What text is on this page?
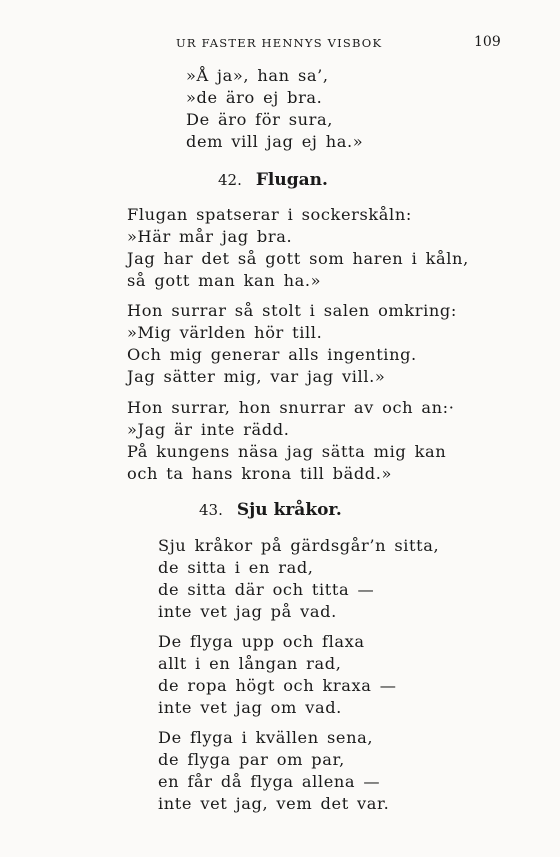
UR FASTER HENNYS VISBOK	109
»Å ja», han sa’,
»de äro ej bra.
De äro för sura,
dem vill jag ej ha.»
42. Flugan.
Flugan spatserar i sockerskåln:
»Här mår jag bra.
Jag har det så gott som haren i kåln,
så gott man kan ha.»
Hon surrar så stolt i salen omkring:
»Mig världen hör till.
Och mig generar alls ingenting.
Jag sätter mig, var jag vill.»
Hon surrar, hon snurrar av och an:·
»Jag är inte rädd.
På kungens näsa jag sätta mig kan
och ta hans krona till bädd.»
43. Sju kråkor.
Sju kråkor på gärdsgår’n sitta,
de sitta i en rad,
de sitta där och titta —
inte vet jag på vad.
De flyga upp och flaxa
allt i en långan rad,
de ropa högt och kraxa —
inte vet jag om vad.
De flyga i kvällen sena,
de flyga par om par,
en får då flyga allena —
inte vet jag, vem det var.
